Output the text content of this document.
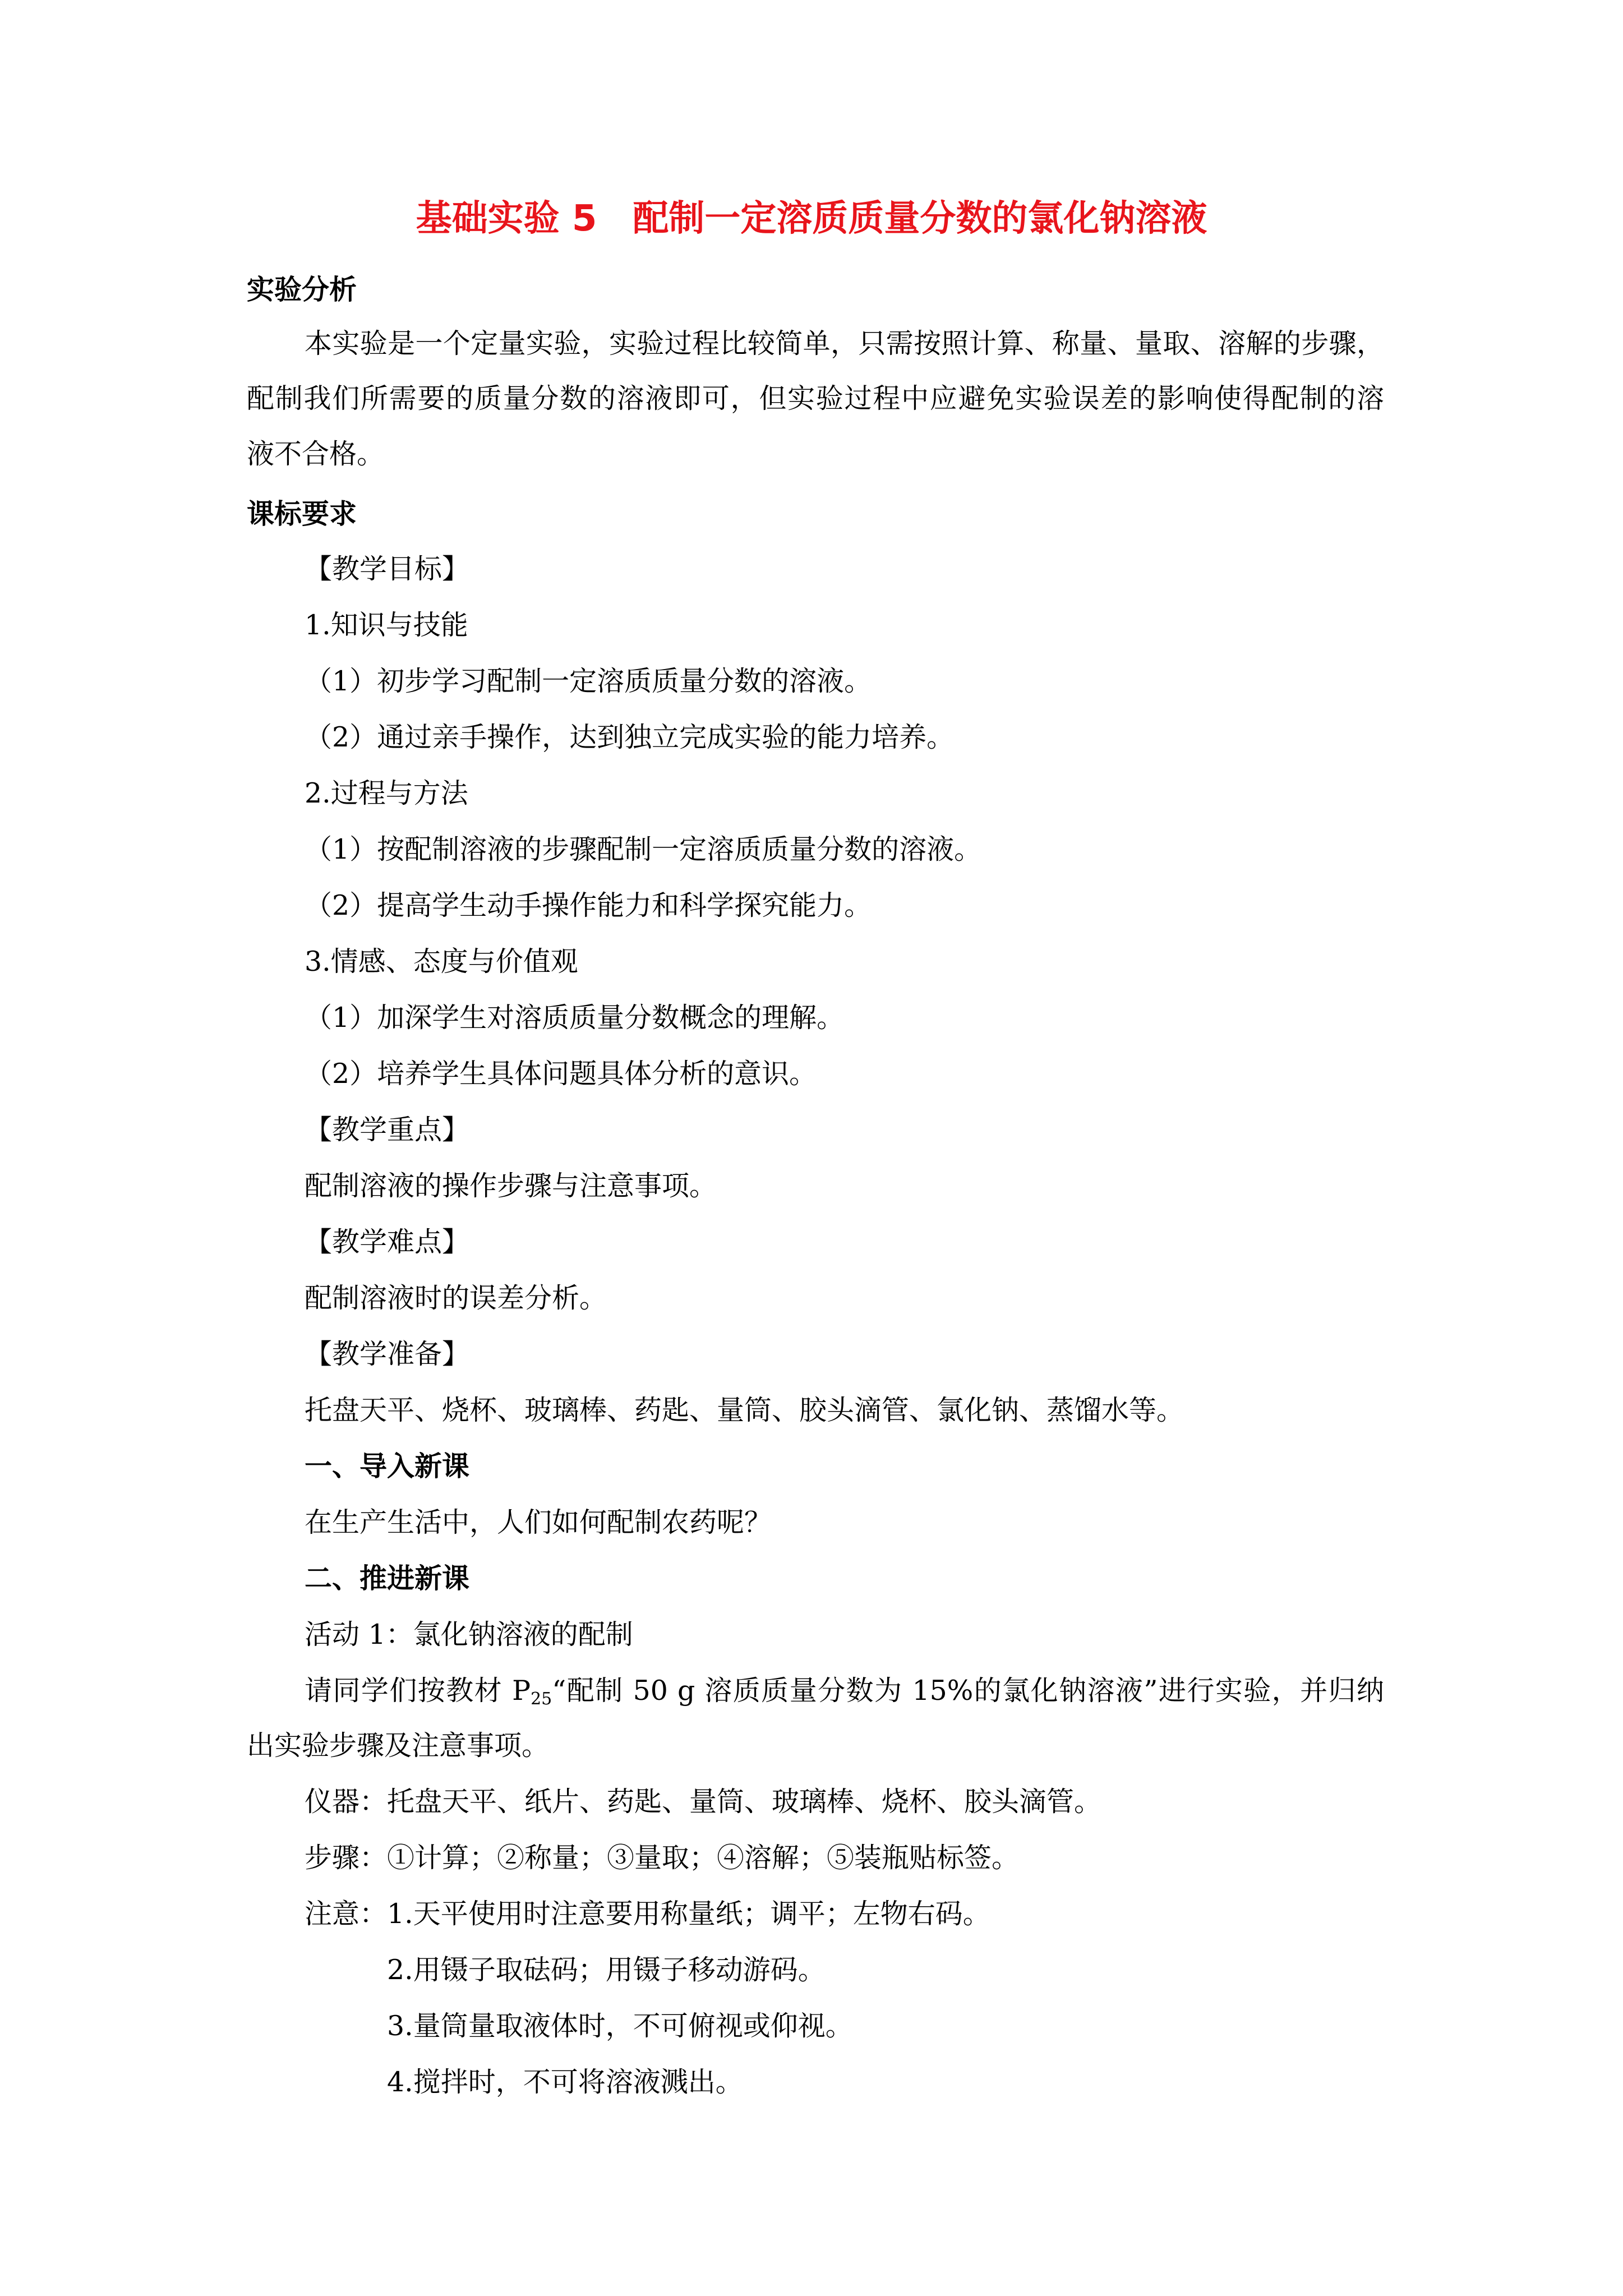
基础实验 5　配制一定溶质质量分数的氯化钠溶液

实验分析

本实验是一个定量实验，实验过程比较简单，只需按照计算、称量、量取、溶解的步骤，

配制我们所需要的质量分数的溶液即可，但实验过程中应避免实验误差的影响使得配制的溶

液不合格。

课标要求

【教学目标】

1.知识与技能

（1）初步学习配制一定溶质质量分数的溶液。

（2）通过亲手操作，达到独立完成实验的能力培养。

2.过程与方法

（1）按配制溶液的步骤配制一定溶质质量分数的溶液。

（2）提高学生动手操作能力和科学探究能力。

3.情感、态度与价值观

（1）加深学生对溶质质量分数概念的理解。

（2）培养学生具体问题具体分析的意识。

【教学重点】

配制溶液的操作步骤与注意事项。

【教学难点】

配制溶液时的误差分析。

【教学准备】

托盘天平、烧杯、玻璃棒、药匙、量筒、胶头滴管、氯化钠、蒸馏水等。

一、导入新课

在生产生活中，人们如何配制农药呢？

二、推进新课

活动 1：氯化钠溶液的配制

请同学们按教材 $P_{25}“$配制 50 g 溶质质量分数为 15%的氯化钠溶液”进行实验，并归纳

出实验步骤及注意事项。

仪器：托盘天平、纸片、药匙、量筒、玻璃棒、烧杯、胶头滴管。

步骤：①计算；②称量；③量取；④溶解；⑤装瓶贴标签。

注意： 1.天平使用时注意要用称量纸；调平；左物右码。

2.用镊子取砝码；用镊子移动游码。

3.量筒量取液体时，不可俯视或仰视。

4.搅拌时，不可将溶液溅出。
